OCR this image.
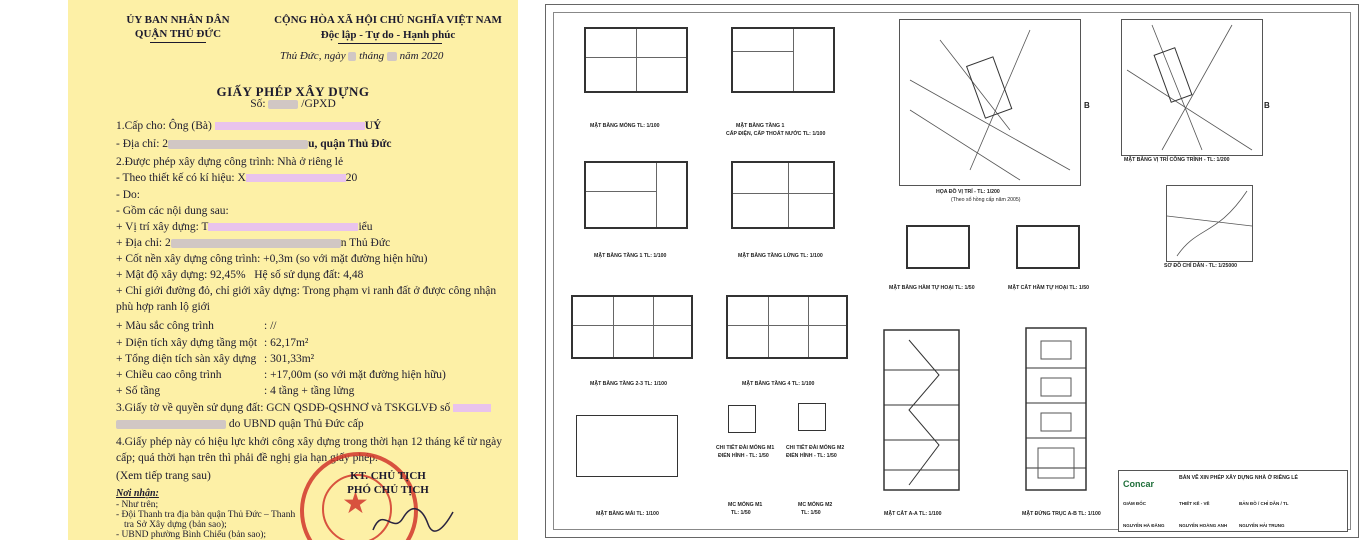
ỦY BAN NHÂN DÂN
QUẬN THỦ ĐỨC
CỘNG HÒA XÃ HỘI CHỦ NGHĨA VIỆT NAM
Độc lập - Tự do - Hạnh phúc
Thủ Đức, ngày tháng năm 2020
GIẤY PHÉP XÂY DỰNG
Số:	/GPXD
1.Cấp cho: Ông (Bà)	UÝ
- Địa chỉ: 2	u, quận Thủ Đức
2.Được phép xây dựng công trình: Nhà ở riêng lẻ
- Theo thiết kế có kí hiệu: X	20
- Do:
- Gồm các nội dung sau:
+ Vị trí xây dựng: T	iểu
+ Địa chỉ: 2	n Thủ Đức
+ Cốt nền xây dựng công trình: +0,3m (so với mặt đường hiện hữu)
+ Mật độ xây dựng: 92,45% Hệ số sử dụng đất: 4,48
+ Chỉ giới đường đỏ, chỉ giới xây dựng: Trong phạm vi ranh đất ở được công nhận
phù hợp ranh lộ giới
+ Màu sắc công trình	: //
+ Diện tích xây dựng tầng một : 62,17m²
+ Tổng diện tích sàn xây dựng : 301,33m²
+ Chiều cao công trình	: +17,00m (so với mặt đường hiện hữu)
+ Số tầng	: 4 tầng + tầng lửng
3.Giấy tờ về quyền sử dụng đất: GCN QSDĐ-QSHNƠ và TSKGLVĐ số
do UBND quận Thủ Đức cấp
4.Giấy phép này có hiệu lực khởi công xây dựng trong thời hạn 12 tháng kể từ ngày
cấp; quá thời hạn trên thì phải đề nghị gia hạn giấy phép.
(Xem tiếp trang sau)
Nơi nhận:
- Như trên;
- Đội Thanh tra địa bàn quận Thủ Đức – Thanh
tra Sở Xây dựng (bản sao);
- UBND phường Bình Chiểu (bản sao);
★
KT. CHỦ TỊCH
PHÓ CHỦ TỊCH
MẶT BẰNG MÓNG TL: 1/100	MẶT BẰNG TẦNG 1
CẤP ĐIỆN, CẤP THOÁT NƯỚC TL: 1/100
HỌA ĐỒ VỊ TRÍ - TL: 1/200
(Theo sổ hồng cấp năm 2005)
B
MẶT BẰNG VỊ TRÍ CÔNG TRÌNH - TL: 1/200
B
MẶT BẰNG TẦNG 1 TL: 1/100	MẶT BẰNG TẦNG LỬNG TL: 1/100
MẶT BẰNG HẦM TỰ HOẠI TL: 1/50	MẶT CẮT HẦM TỰ HOẠI TL: 1/50
SƠ ĐỒ CHỈ DẪN - TL: 1/25000
MẶT BẰNG TẦNG 2-3 TL: 1/100	MẶT BẰNG TẦNG 4 TL: 1/100
MẶT BẰNG MÁI TL: 1/100
CHI TIẾT ĐÀI MÓNG M1
ĐIỂN HÌNH - TL: 1/50
CHI TIẾT ĐÀI MÓNG M2
ĐIỂN HÌNH - TL: 1/50
MC MÓNG M1
TL: 1/50
MC MÓNG M2
TL: 1/50	MẶT CẮT A-A TL: 1/100	MẶT ĐỨNG TRỤC A-B TL: 1/100
Concar
BẢN VẼ XIN PHÉP XÂY DỰNG NHÀ Ở RIÊNG LẺ
GIÁM ĐỐC	THIẾT KẾ - VẼ	BẢN ĐỒ / CHỈ DẪN / TL
NGUYỄN HÀ ĐĂNG	NGUYỄN HOÀNG ANH	NGUYỄN HẢI TRUNG
